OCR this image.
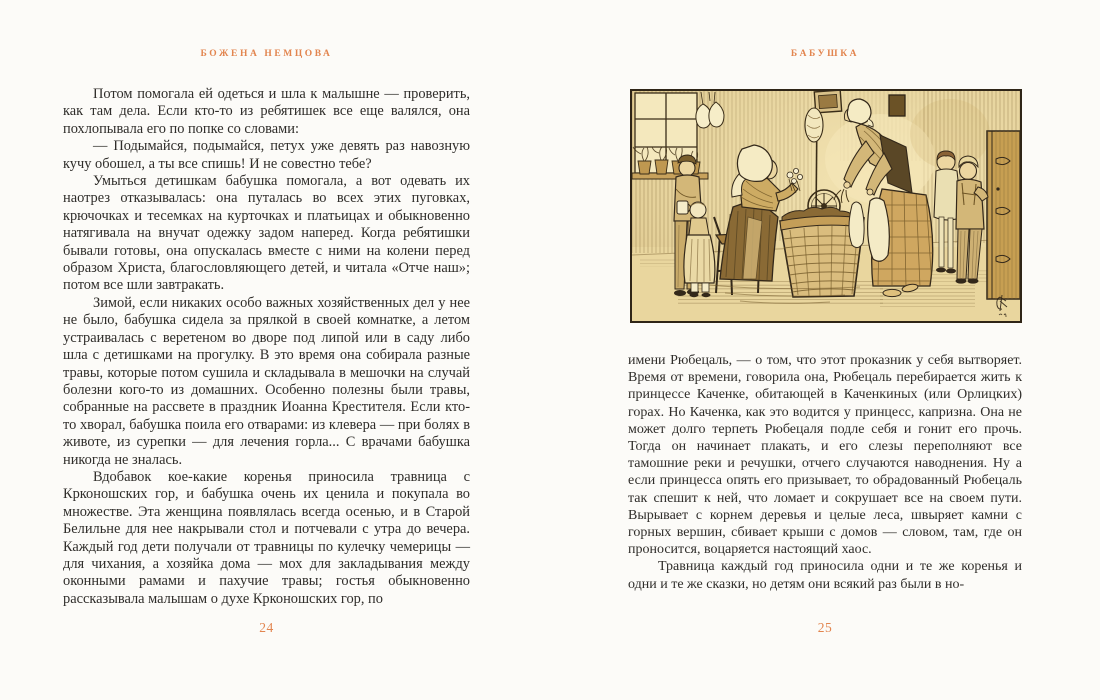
БОЖЕНА НЕМЦОВА

Потом помогала ей одеться и шла к малышне — проверить, как там дела. Если кто-то из ребятишек все еще валялся, она похлопывала его по попке со словами:

— Подымайся, подымайся, петух уже девять раз навозную кучу обошел, а ты все спишь! И не совестно тебе?

Умыться детишкам бабушка помогала, а вот одевать их наотрез отказывалась: она путалась во всех этих пуговках, крючочках и тесемках на курточках и платьицах и обыкновенно натягивала на внучат одежку задом наперед. Когда ребятишки бывали готовы, она опускалась вместе с ними на колени перед образом Христа, благословляющего детей, и читала «Отче наш»; потом все шли завтракать.

Зимой, если никаких особо важных хозяйственных дел у нее не было, бабушка сидела за прялкой в своей комнатке, а летом устраивалась с веретеном во дворе под липой или в саду либо шла с детишками на прогулку. В это время она собирала разные травы, которые потом сушила и складывала в мешочки на случай болезни кого-то из домашних. Особенно полезны были травы, собранные на рассвете в праздник Иоанна Крестителя. Если кто-то хворал, бабушка поила его отварами: из клевера — при болях в животе, из сурепки — для лечения горла... С врачами бабушка никогда не зналась.

Вдобавок кое-какие коренья приносила травница с Крконошских гор, и бабушка очень их ценила и покупала во множестве. Эта женщина появлялась всегда осенью, и в Старой Белильне для нее накрывали стол и потчевали с утра до вечера. Каждый год дети получали от травницы по кулечку чемерицы — для чихания, а хозяйка дома — мох для закладывания между оконными рамами и пахучие травы; гостья обыкновенно рассказывала малышам о духе Крконошских гор, по

24
БАБУШКА

имени Рюбецаль, — о том, что этот проказник у себя вытворяет. Время от времени, говорила она, Рюбецаль перебирается жить к принцессе Каченке, обитающей в Каченкиных (или Орлицких) горах. Но Каченка, как это водится у принцесс, капризна. Она не может долго терпеть Рюбецаля подле себя и гонит его прочь. Тогда он начинает плакать, и его слезы переполняют все тамошние реки и речушки, отчего случаются наводнения. Ну а если принцесса опять его призывает, то обрадованный Рюбецаль так спешит к ней, что ломает и сокрушает все на своем пути. Вырывает с корнем деревья и целые леса, швыряет камни с горных вершин, сбивает крыши с домов — словом, там, где он проносится, воцаряется настоящий хаос.

Травница каждый год приносила одни и те же коренья и одни и те же сказки, но детям они всякий раз были в но-

25
